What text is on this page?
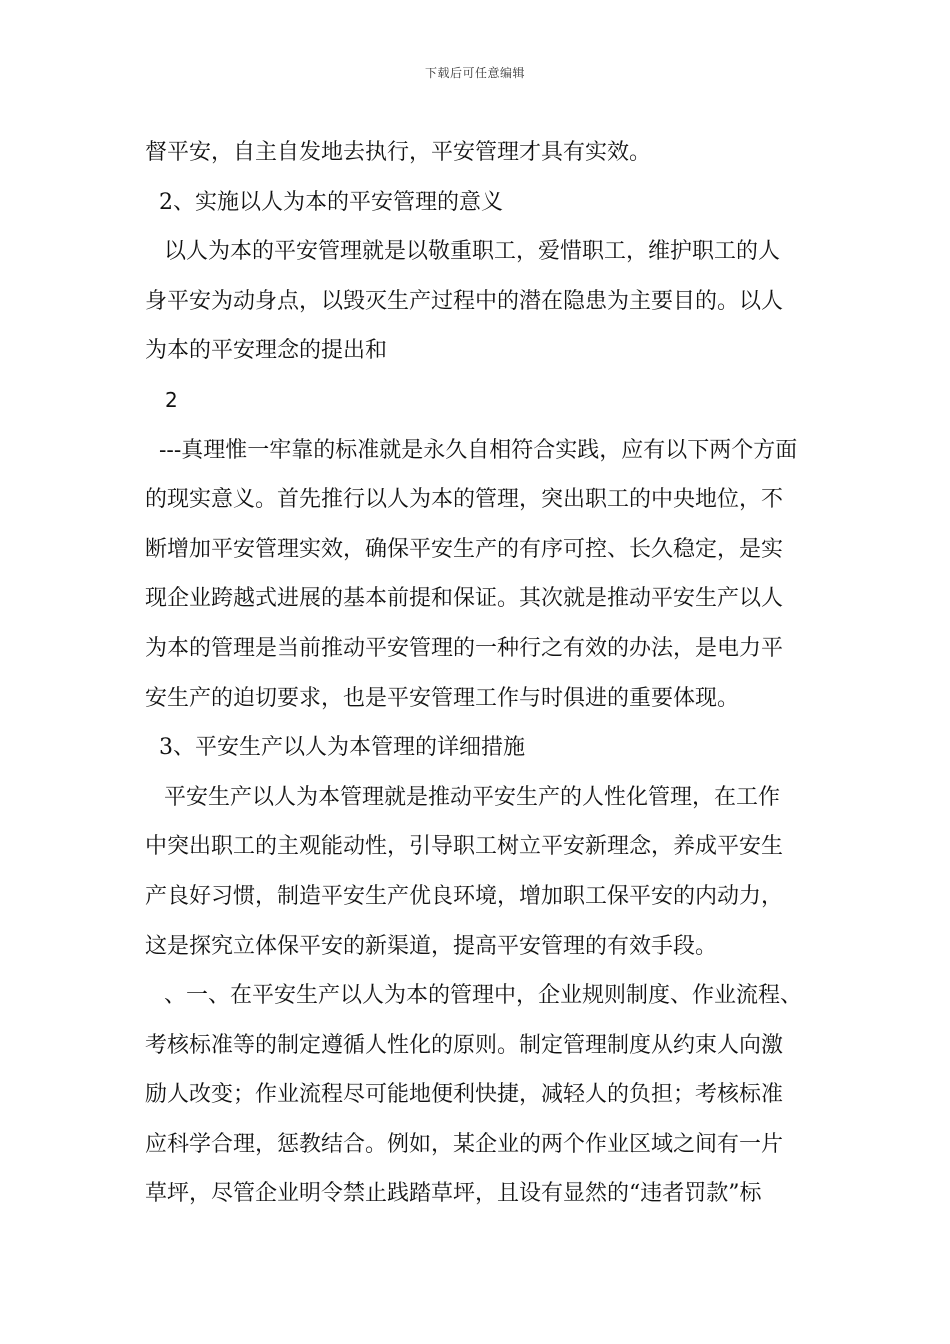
下载后可任意编辑
督平安，自主自发地去执行，平安管理才具有实效。
2、实施以人为本的平安管理的意义
以人为本的平安管理就是以敬重职工，爱惜职工，维护职工的人
身平安为动身点，以毁灭生产过程中的潜在隐患为主要目的。以人
为本的平安理念的提出和
2
---真理惟一牢靠的标准就是永久自相符合实践，应有以下两个方面
的现实意义。首先推行以人为本的管理，突出职工的中央地位，不
断增加平安管理实效，确保平安生产的有序可控、长久稳定，是实
现企业跨越式进展的基本前提和保证。其次就是推动平安生产以人
为本的管理是当前推动平安管理的一种行之有效的办法，是电力平
安生产的迫切要求，也是平安管理工作与时俱进的重要体现。
3、平安生产以人为本管理的详细措施
平安生产以人为本管理就是推动平安生产的人性化管理，在工作
中突出职工的主观能动性，引导职工树立平安新理念，养成平安生
产良好习惯，制造平安生产优良环境，增加职工保平安的内动力，
这是探究立体保平安的新渠道，提高平安管理的有效手段。
、一、在平安生产以人为本的管理中，企业规则制度、作业流程、
考核标准等的制定遵循人性化的原则。制定管理制度从约束人向激
励人改变；作业流程尽可能地便利快捷，减轻人的负担；考核标准
应科学合理，惩教结合。例如，某企业的两个作业区域之间有一片
草坪，尽管企业明令禁止践踏草坪，且设有显然的“违者罚款”标
